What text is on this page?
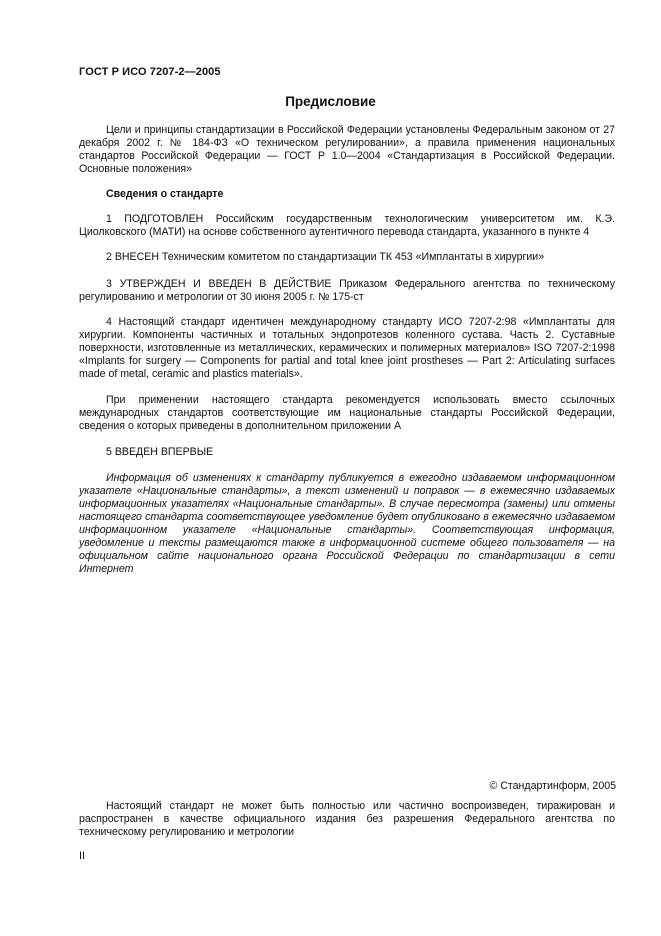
ГОСТ Р ИСО 7207-2—2005
Предисловие

Цели и принципы стандартизации в Российской Федерации установлены Федеральным законом от 27 декабря 2002 г. № 184-ФЗ «О техническом регулировании», а правила применения национальных стандартов Российской Федерации — ГОСТ Р 1.0—2004 «Стандартизация в Российской Федерации. Основные положения»

Сведения о стандарте

1 ПОДГОТОВЛЕН Российским государственным технологическим университетом им. К.Э. Циолковского (МАТИ) на основе собственного аутентичного перевода стандарта, указанного в пункте 4

2 ВНЕСЕН Техническим комитетом по стандартизации ТК 453 «Имплантаты в хирургии»

3 УТВЕРЖДЕН И ВВЕДЕН В ДЕЙСТВИЕ Приказом Федерального агентства по техническому регулированию и метрологии от 30 июня 2005 г. № 175-ст

4 Настоящий стандарт идентичен международному стандарту ИСО 7207-2:98 «Имплантаты для хирургии. Компоненты частичных и тотальных эндопротезов коленного сустава. Часть 2. Суставные поверхности, изготовленные из металлических, керамических и полимерных материалов» ISO 7207-2:1998 «Implants for surgery — Components for partial and total knee joint prostheses — Part 2: Articulating surfaces made of metal, ceramic and plastics materials».

При применении настоящего стандарта рекомендуется использовать вместо ссылочных международных стандартов соответствующие им национальные стандарты Российской Федерации, сведения о которых приведены в дополнительном приложении А

5 ВВЕДЕН ВПЕРВЫЕ

Информация об изменениях к стандарту публикуется в ежегодно издаваемом информационном указателе «Национальные стандарты», а текст изменений и поправок — в ежемесячно издаваемых информационных указателях «Национальные стандарты». В случае пересмотра (замены) или отмены настоящего стандарта соответствующее уведомление будет опубликовано в ежемесячно издаваемом информационном указателе «Национальные стандарты». Соответствующая информация, уведомление и тексты размещаются также в информационной системе общего пользователя — на официальном сайте национального органа Российской Федерации по стандартизации в сети Интернет

© Стандартинформ, 2005

Настоящий стандарт не может быть полностью или частично воспроизведен, тиражирован и распространен в качестве официального издания без разрешения Федерального агентства по техническому регулированию и метрологии

II
